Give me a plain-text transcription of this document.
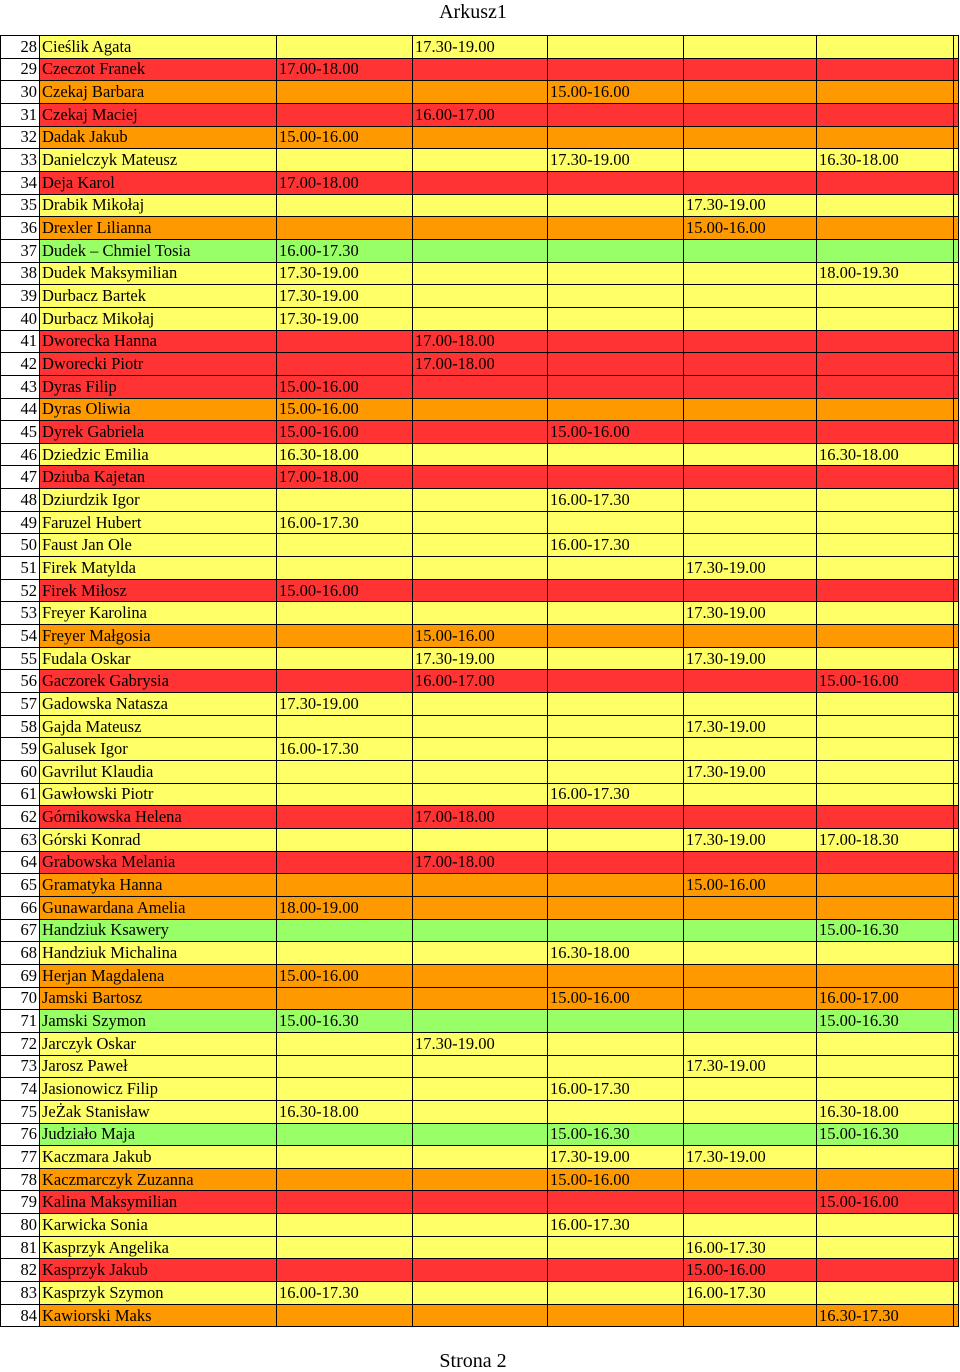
Arkusz1
28	Cieślik Agata		17.30-19.00					
29	Czeczot Franek	17.00-18.00						
30	Czekaj Barbara			15.00-16.00				
31	Czekaj Maciej		16.00-17.00					
32	Dadak Jakub	15.00-16.00						
33	Danielczyk Mateusz			17.30-19.00		16.30-18.00		
34	Deja Karol	17.00-18.00						
35	Drabik Mikołaj				17.30-19.00			
36	Drexler Lilianna				15.00-16.00			
37	Dudek – Chmiel Tosia	16.00-17.30						
38	Dudek Maksymilian	17.30-19.00				18.00-19.30		
39	Durbacz Bartek	17.30-19.00						
40	Durbacz Mikołaj	17.30-19.00						
41	Dworecka Hanna		17.00-18.00					
42	Dworecki Piotr		17.00-18.00					
43	Dyras Filip	15.00-16.00						
44	Dyras Oliwia	15.00-16.00						
45	Dyrek Gabriela	15.00-16.00		15.00-16.00				
46	Dziedzic Emilia	16.30-18.00				16.30-18.00		
47	Dziuba Kajetan	17.00-18.00						
48	Dziurdzik Igor			16.00-17.30				
49	Faruzel Hubert	16.00-17.30						
50	Faust Jan Ole			16.00-17.30				
51	Firek Matylda				17.30-19.00			
52	Firek Miłosz	15.00-16.00						
53	Freyer Karolina				17.30-19.00			
54	Freyer Małgosia		15.00-16.00					
55	Fudala Oskar		17.30-19.00		17.30-19.00			
56	Gaczorek Gabrysia		16.00-17.00			15.00-16.00		
57	Gadowska Natasza	17.30-19.00						
58	Gajda Mateusz				17.30-19.00			
59	Galusek Igor	16.00-17.30						
60	Gavrilut Klaudia				17.30-19.00			
61	Gawłowski Piotr			16.00-17.30				
62	Górnikowska Helena		17.00-18.00					
63	Górski Konrad				17.30-19.00	17.00-18.30		
64	Grabowska Melania		17.00-18.00					
65	Gramatyka Hanna				15.00-16.00			
66	Gunawardana Amelia	18.00-19.00						
67	Handziuk Ksawery					15.00-16.30		
68	Handziuk Michalina			16.30-18.00				
69	Herjan Magdalena	15.00-16.00						
70	Jamski Bartosz			15.00-16.00		16.00-17.00		
71	Jamski Szymon	15.00-16.30				15.00-16.30		
72	Jarczyk Oskar		17.30-19.00					
73	Jarosz Paweł				17.30-19.00			
74	Jasionowicz Filip			16.00-17.30				
75	JeŻak Stanisław	16.30-18.00				16.30-18.00		
76	Judziało Maja			15.00-16.30		15.00-16.30		
77	Kaczmara Jakub			17.30-19.00	17.30-19.00			
78	Kaczmarczyk Zuzanna			15.00-16.00				
79	Kalina Maksymilian					15.00-16.00		
80	Karwicka Sonia			16.00-17.30				
81	Kasprzyk Angelika				16.00-17.30			
82	Kasprzyk Jakub				15.00-16.00			
83	Kasprzyk Szymon	16.00-17.30			16.00-17.30			
84	Kawiorski Maks					16.30-17.30		
Strona 2
